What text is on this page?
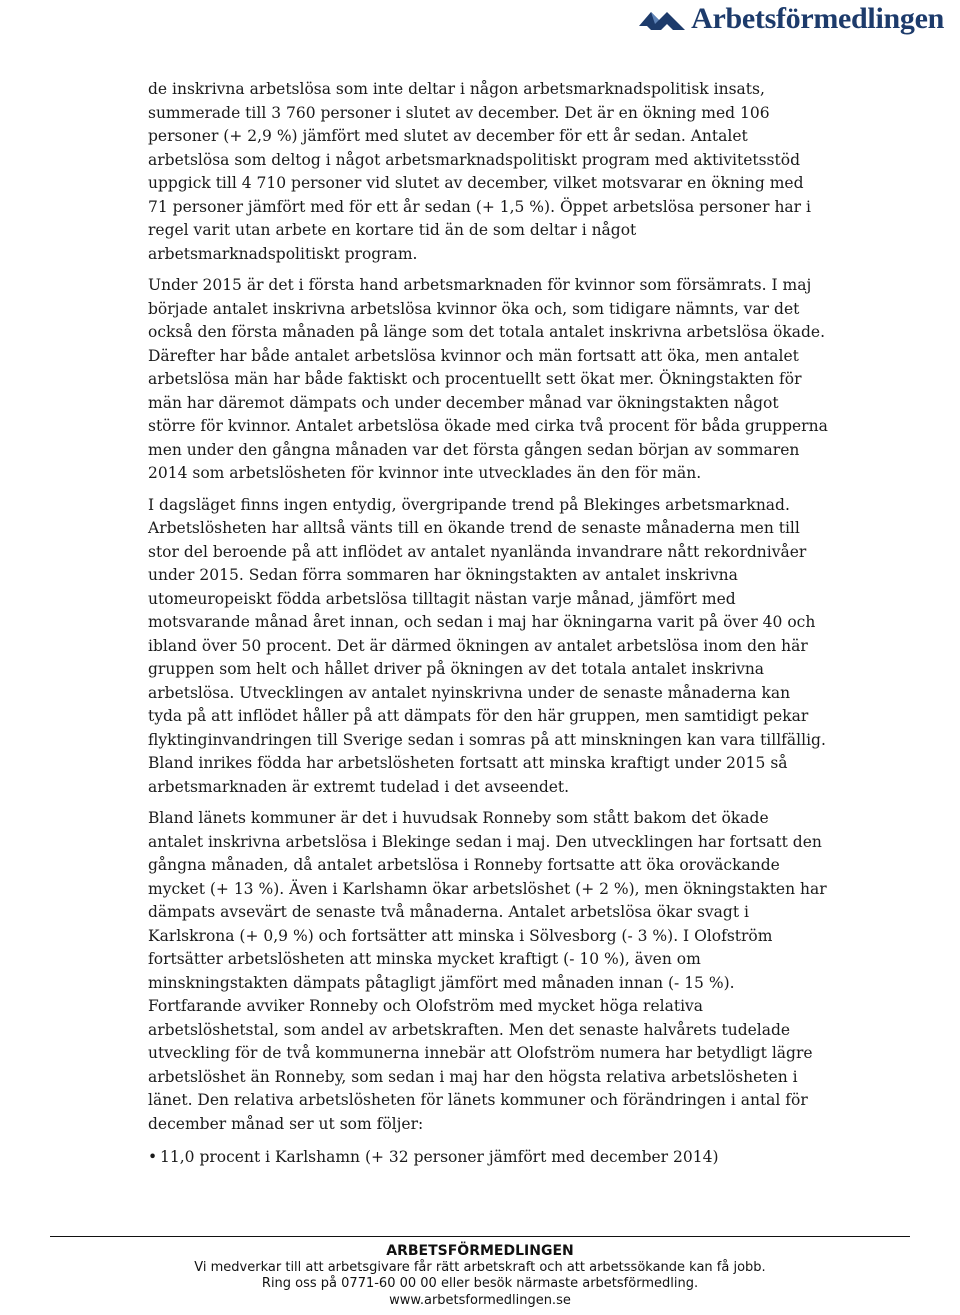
Arbetsförmedlingen

de inskrivna arbetslösa som inte deltar i någon arbetsmarknadspolitisk insats, summerade till 3 760 personer i slutet av december. Det är en ökning med 106 personer (+ 2,9 %) jämfört med slutet av december för ett år sedan. Antalet arbetslösa som deltog i något arbetsmarknadspolitiskt program med aktivitetsstöd uppgick till 4 710 personer vid slutet av december, vilket motsvarar en ökning med 71 personer jämfört med för ett år sedan (+ 1,5 %). Öppet arbetslösa personer har i regel varit utan arbete en kortare tid än de som deltar i något arbetsmarknadspolitiskt program.

Under 2015 är det i första hand arbetsmarknaden för kvinnor som försämrats. I maj började antalet inskrivna arbetslösa kvinnor öka och, som tidigare nämnts, var det också den första månaden på länge som det totala antalet inskrivna arbetslösa ökade. Därefter har både antalet arbetslösa kvinnor och män fortsatt att öka, men antalet arbetslösa män har både faktiskt och procentuellt sett ökat mer. Ökningstakten för män har däremot dämpats och under december månad var ökningstakten något större för kvinnor. Antalet arbetslösa ökade med cirka två procent för båda grupperna men under den gångna månaden var det första gången sedan början av sommaren 2014 som arbetslösheten för kvinnor inte utvecklades än den för män.

I dagsläget finns ingen entydig, övergripande trend på Blekinges arbetsmarknad. Arbetslösheten har alltså vänts till en ökande trend de senaste månaderna men till stor del beroende på att inflödet av antalet nyanlända invandrare nått rekordnivåer under 2015. Sedan förra sommaren har ökningstakten av antalet inskrivna utomeuropeiskt födda arbetslösa tilltagit nästan varje månad, jämfört med motsvarande månad året innan, och sedan i maj har ökningarna varit på över 40 och ibland över 50 procent. Det är därmed ökningen av antalet arbetslösa inom den här gruppen som helt och hållet driver på ökningen av det totala antalet inskrivna arbetslösa. Utvecklingen av antalet nyinskrivna under de senaste månaderna kan tyda på att inflödet håller på att dämpats för den här gruppen, men samtidigt pekar flyktinginvandringen till Sverige sedan i somras på att minskningen kan vara tillfällig. Bland inrikes födda har arbetslösheten fortsatt att minska kraftigt under 2015 så arbetsmarknaden är extremt tudelad i det avseendet.

Bland länets kommuner är det i huvudsak Ronneby som stått bakom det ökade antalet inskrivna arbetslösa i Blekinge sedan i maj. Den utvecklingen har fortsatt den gångna månaden, då antalet arbetslösa i Ronneby fortsatte att öka oroväckande mycket (+ 13 %). Även i Karlshamn ökar arbetslöshet (+ 2 %), men ökningstakten har dämpats avsevärt de senaste två månaderna. Antalet arbetslösa ökar svagt i Karlskrona (+ 0,9 %) och fortsätter att minska i Sölvesborg (- 3 %). I Olofström fortsätter arbetslösheten att minska mycket kraftigt (- 10 %), även om minskningstakten dämpats påtagligt jämfört med månaden innan (- 15 %). Fortfarande avviker Ronneby och Olofström med mycket höga relativa arbetslöshetstal, som andel av arbetskraften. Men det senaste halvårets tudelade utveckling för de två kommunerna innebär att Olofström numera har betydligt lägre arbetslöshet än Ronneby, som sedan i maj har den högsta relativa arbetslösheten i länet. Den relativa arbetslösheten för länets kommuner och förändringen i antal för december månad ser ut som följer:

• 11,0 procent i Karlshamn (+ 32 personer jämfört med december 2014)
ARBETSFÖRMEDLINGEN
Vi medverkar till att arbetsgivare får rätt arbetskraft och att arbetssökande kan få jobb.
Ring oss på 0771-60 00 00 eller besök närmaste arbetsförmedling.
www.arbetsformedlingen.se
